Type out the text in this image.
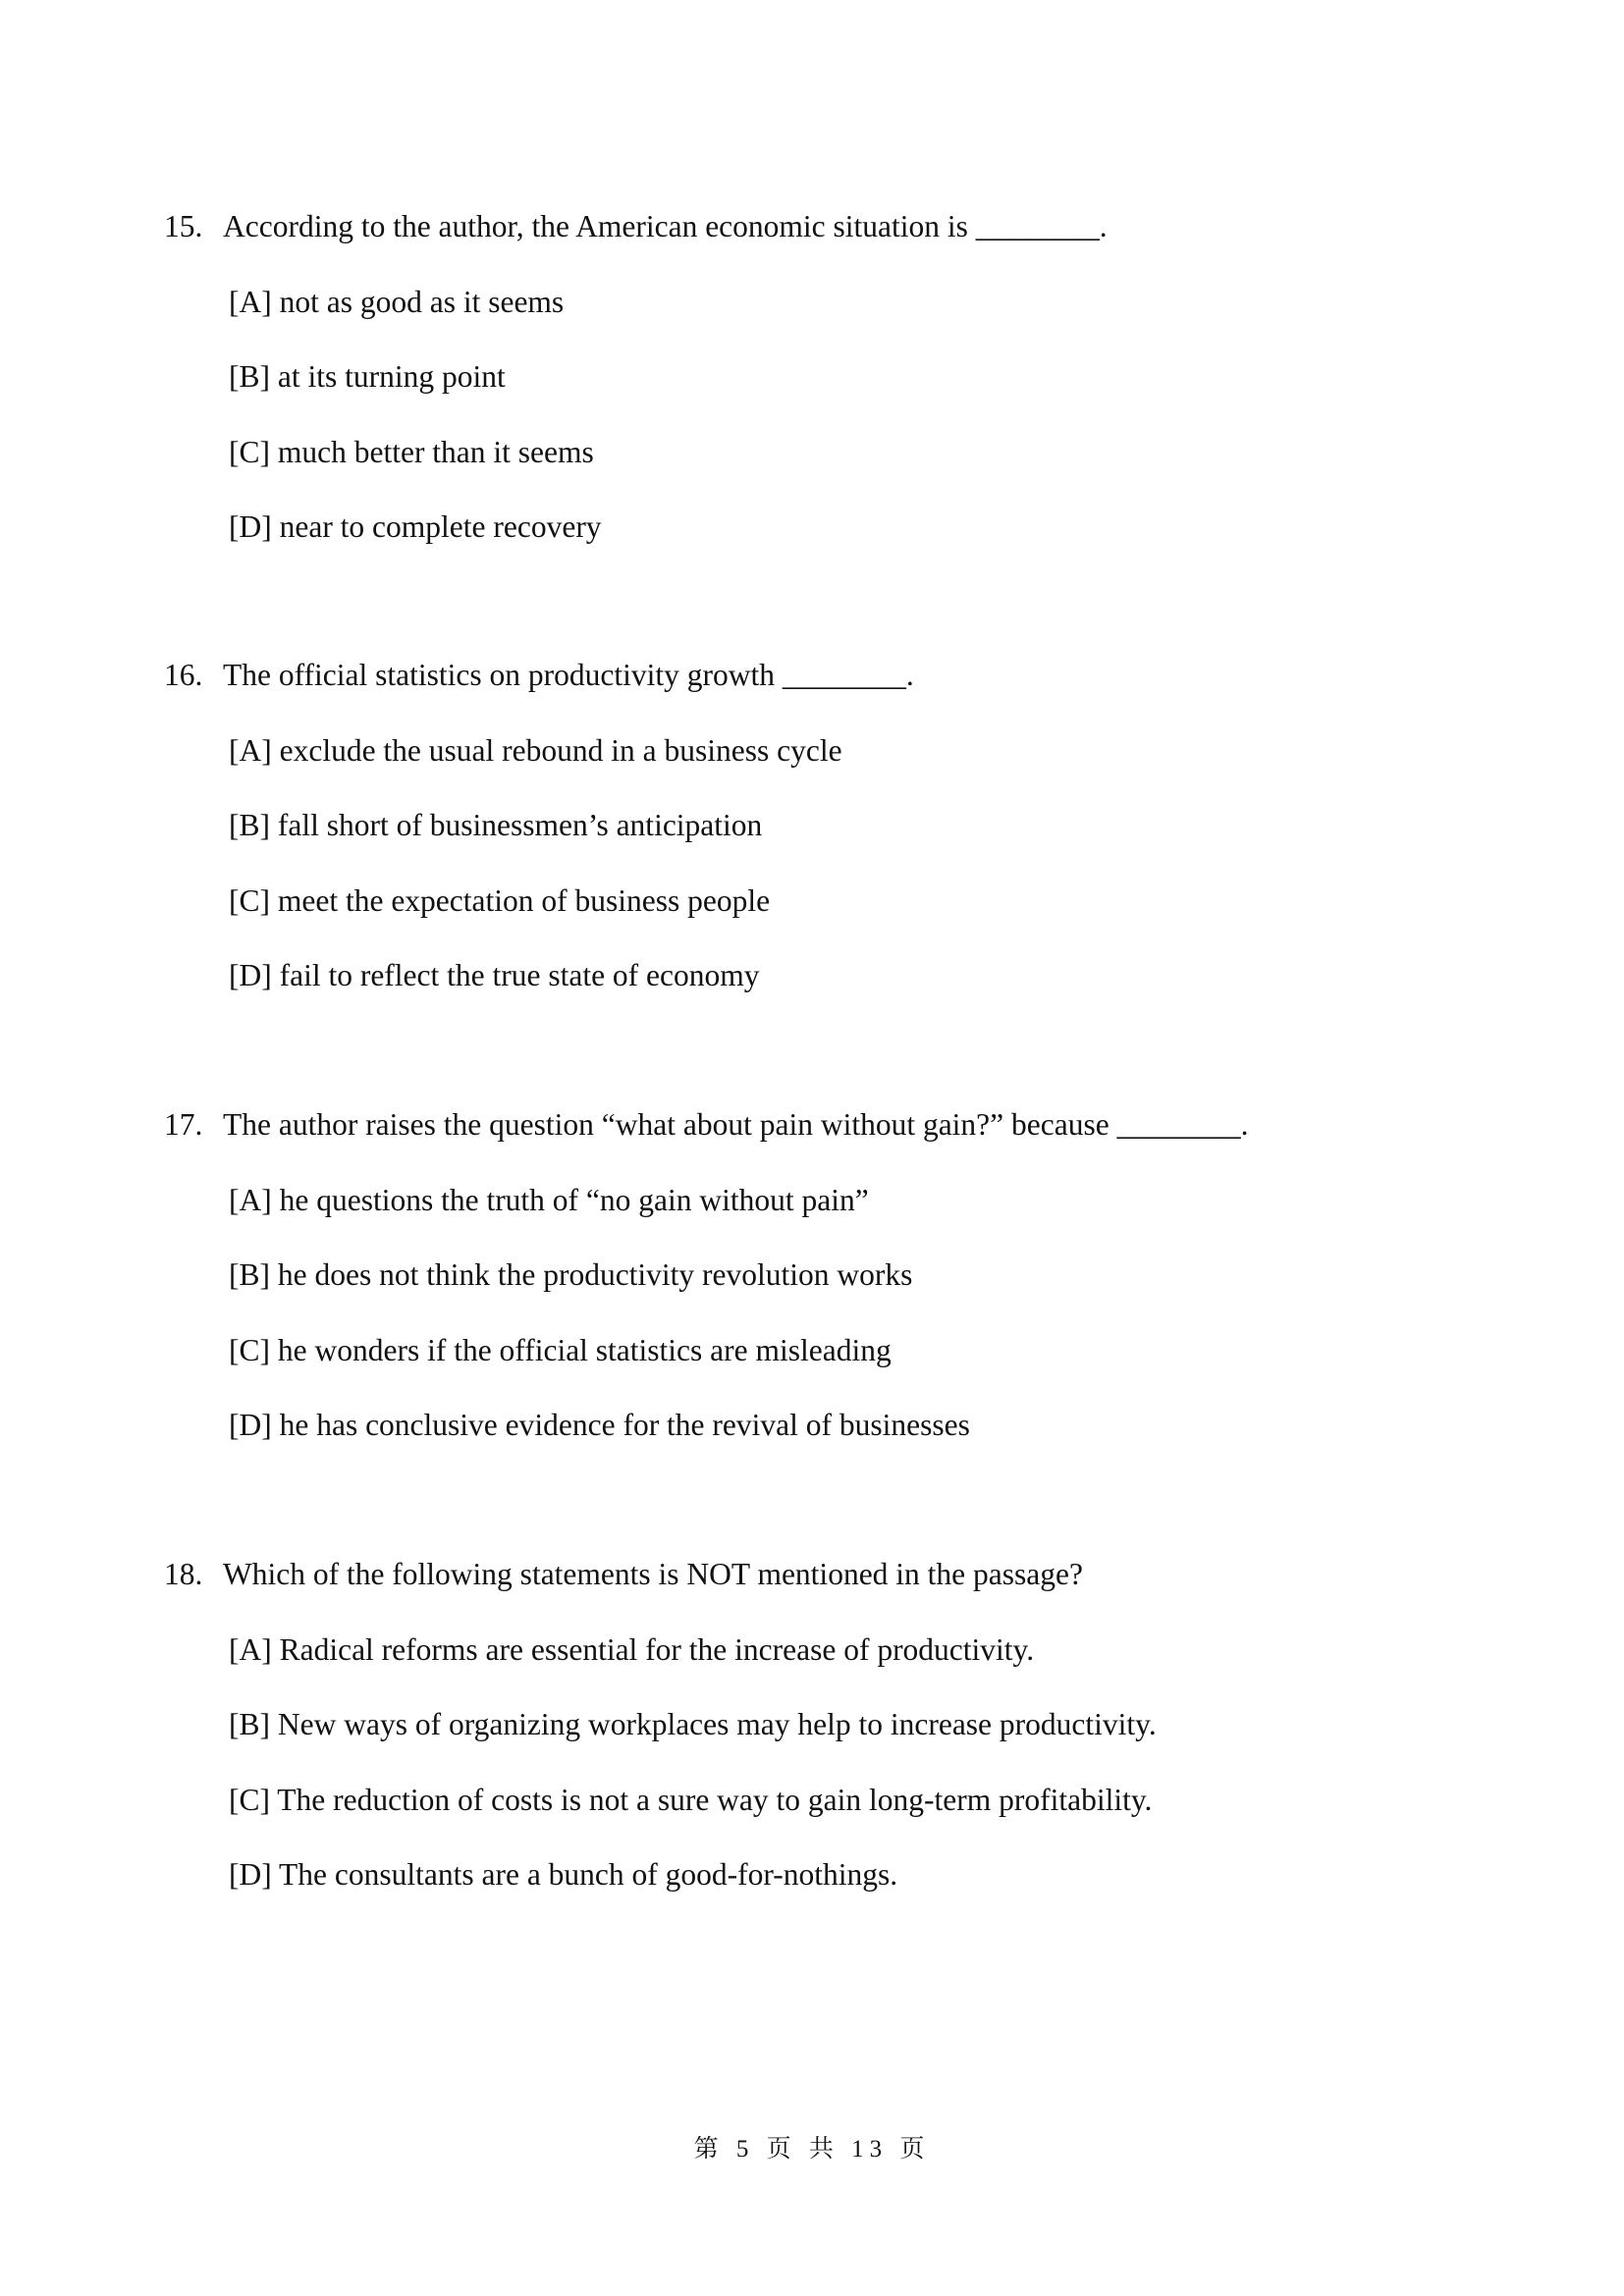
15. According to the author, the American economic situation is ________.
[A] not as good as it seems
[B] at its turning point
[C] much better than it seems
[D] near to complete recovery
16. The official statistics on productivity growth ________.
[A] exclude the usual rebound in a business cycle
[B] fall short of businessmen’s anticipation
[C] meet the expectation of business people
[D] fail to reflect the true state of economy
17. The author raises the question “what about pain without gain?” because ________.
[A] he questions the truth of “no gain without pain”
[B] he does not think the productivity revolution works
[C] he wonders if the official statistics are misleading
[D] he has conclusive evidence for the revival of businesses
18. Which of the following statements is NOT mentioned in the passage?
[A] Radical reforms are essential for the increase of productivity.
[B] New ways of organizing workplaces may help to increase productivity.
[C] The reduction of costs is not a sure way to gain long-term profitability.
[D] The consultants are a bunch of good-for-nothings.
第 5 页 共 13 页
